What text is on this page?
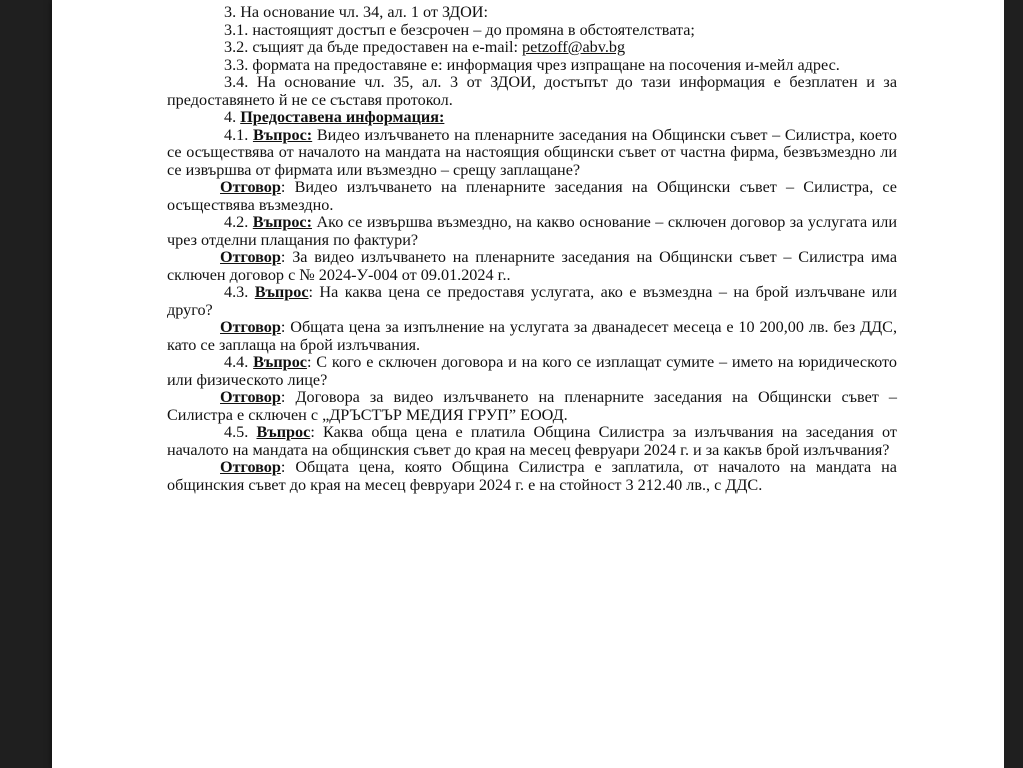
3. На основание чл. 34, ал. 1 от ЗДОИ:

3.1. настоящият достъп е безсрочен – до промяна в обстоятелствата;

3.2. същият да бъде предоставен на e-mail: petzoff@abv.bg

3.3. формата на предоставяне е: информация чрез изпращане на посочения и-мейл адрес.

3.4. На основание чл. 35, ал. 3 от ЗДОИ, достъпът до тази информация е безплатен и за предоставянето й не се съставя протокол.

4. Предоставена информация:

4.1. Въпрос: Видео излъчването на пленарните заседания на Общински съвет – Силистра, което се осъществява от началото на мандата на настоящия общински съвет от частна фирма, безвъзмездно ли се извършва от фирмата или възмездно – срещу заплащане?

Отговор: Видео излъчването на пленарните заседания на Общински съвет – Силистра, се осъществява възмездно.

4.2. Въпрос: Ако се извършва възмездно, на какво основание – сключен договор за услугата или чрез отделни плащания по фактури?

Отговор: За видео излъчването на пленарните заседания на Общински съвет – Силистра има сключен договор с № 2024-У-004 от 09.01.2024 г..

4.3. Въпрос: На каква цена се предоставя услугата, ако е възмездна – на брой излъчване или друго?

Отговор: Общата цена за изпълнение на услугата за дванадесет месеца е 10 200,00 лв. без ДДС, като се заплаща на брой излъчвания.

4.4. Въпрос: С кого е сключен договора и на кого се изплащат сумите – името на юридическото или физическото лице?

Отговор: Договора за видео излъчването на пленарните заседания на Общински съвет – Силистра е сключен с „ДРЪСТЪР МЕДИЯ ГРУП” ЕООД.

4.5. Въпрос: Каква обща цена е платила Община Силистра за излъчвания на заседания от началото на мандата на общинския съвет до края на месец февруари 2024 г. и за какъв брой излъчвания?

Отговор: Общата цена, която Община Силистра е заплатила, от началото на мандата на общинския съвет до края на месец февруари 2024 г. е на стойност 3 212.40 лв., с ДДС.
